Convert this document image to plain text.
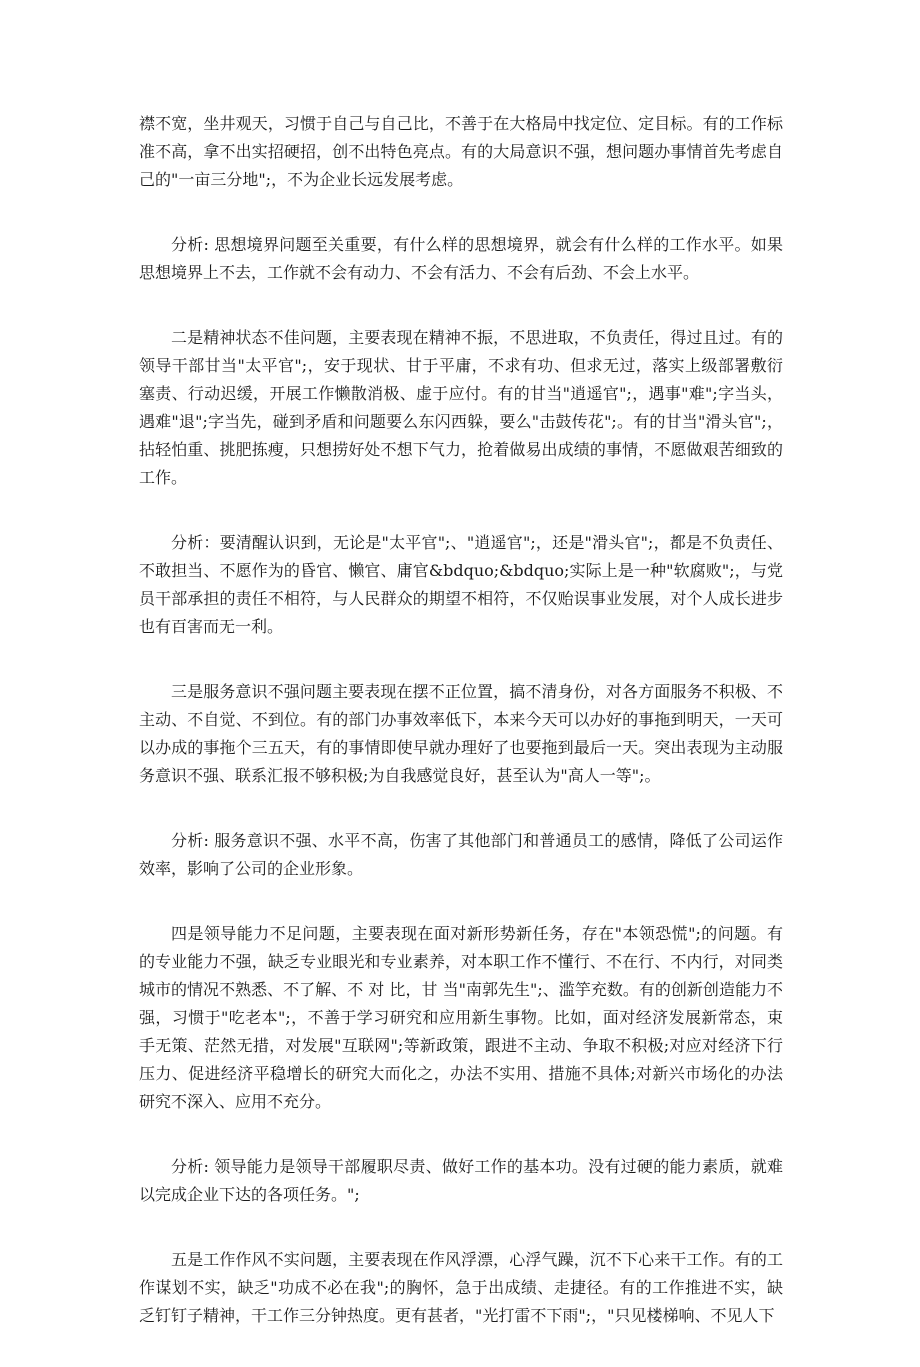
襟不宽，坐井观天，习惯于自己与自己比，不善于在大格局中找定位、定目标。有的工作标准不高，拿不出实招硬招，创不出特色亮点。有的大局意识不强，想问题办事情首先考虑自己的"一亩三分地";，不为企业长远发展考虑。

分析: 思想境界问题至关重要，有什么样的思想境界，就会有什么样的工作水平。如果思想境界上不去，工作就不会有动力、不会有活力、不会有后劲、不会上水平。

二是精神状态不佳问题，主要表现在精神不振，不思进取，不负责任，得过且过。有的领导干部甘当"太平官";，安于现状、甘于平庸，不求有功、但求无过，落实上级部署敷衍塞责、行动迟缓，开展工作懒散消极、虚于应付。有的甘当"逍遥官";，遇事"难";字当头，遇难"退";字当先，碰到矛盾和问题要么东闪西躲，要么"击鼓传花";。有的甘当"滑头官";，拈轻怕重、挑肥拣瘦，只想捞好处不想下气力，抢着做易出成绩的事情，不愿做艰苦细致的工作。

分析：要清醒认识到，无论是"太平官";、"逍遥官";，还是"滑头官";，都是不负责任、不敢担当、不愿作为的昏官、懒官、庸官&bdquo;&bdquo;实际上是一种"软腐败";，与党员干部承担的责任不相符，与人民群众的期望不相符，不仅贻误事业发展，对个人成长进步也有百害而无一利。

三是服务意识不强问题主要表现在摆不正位置，搞不清身份，对各方面服务不积极、不主动、不自觉、不到位。有的部门办事效率低下，本来今天可以办好的事拖到明天，一天可以办成的事拖个三五天，有的事情即使早就办理好了也要拖到最后一天。突出表现为主动服务意识不强、联系汇报不够积极;为自我感觉良好，甚至认为"高人一等";。

分析: 服务意识不强、水平不高，伤害了其他部门和普通员工的感情，降低了公司运作效率，影响了公司的企业形象。

四是领导能力不足问题，主要表现在面对新形势新任务，存在"本领恐慌";的问题。有的专业能力不强，缺乏专业眼光和专业素养，对本职工作不懂行、不在行、不内行，对同类城市的情况不熟悉、不了解、不 对 比，甘 当"南郭先生";、滥竽充数。有的创新创造能力不强，习惯于"吃老本";，不善于学习研究和应用新生事物。比如，面对经济发展新常态，束手无策、茫然无措，对发展"互联网";等新政策，跟进不主动、争取不积极;对应对经济下行压力、促进经济平稳增长的研究大而化之，办法不实用、措施不具体;对新兴市场化的办法研究不深入、应用不充分。

分析: 领导能力是领导干部履职尽责、做好工作的基本功。没有过硬的能力素质，就难以完成企业下达的各项任务。";

五是工作作风不实问题，主要表现在作风浮漂，心浮气躁，沉不下心来干工作。有的工作谋划不实，缺乏"功成不必在我";的胸怀，急于出成绩、走捷径。有的工作推进不实，缺乏钉钉子精神，干工作三分钟热度。更有甚者，"光打雷不下雨";，"只见楼梯响、不见人下
